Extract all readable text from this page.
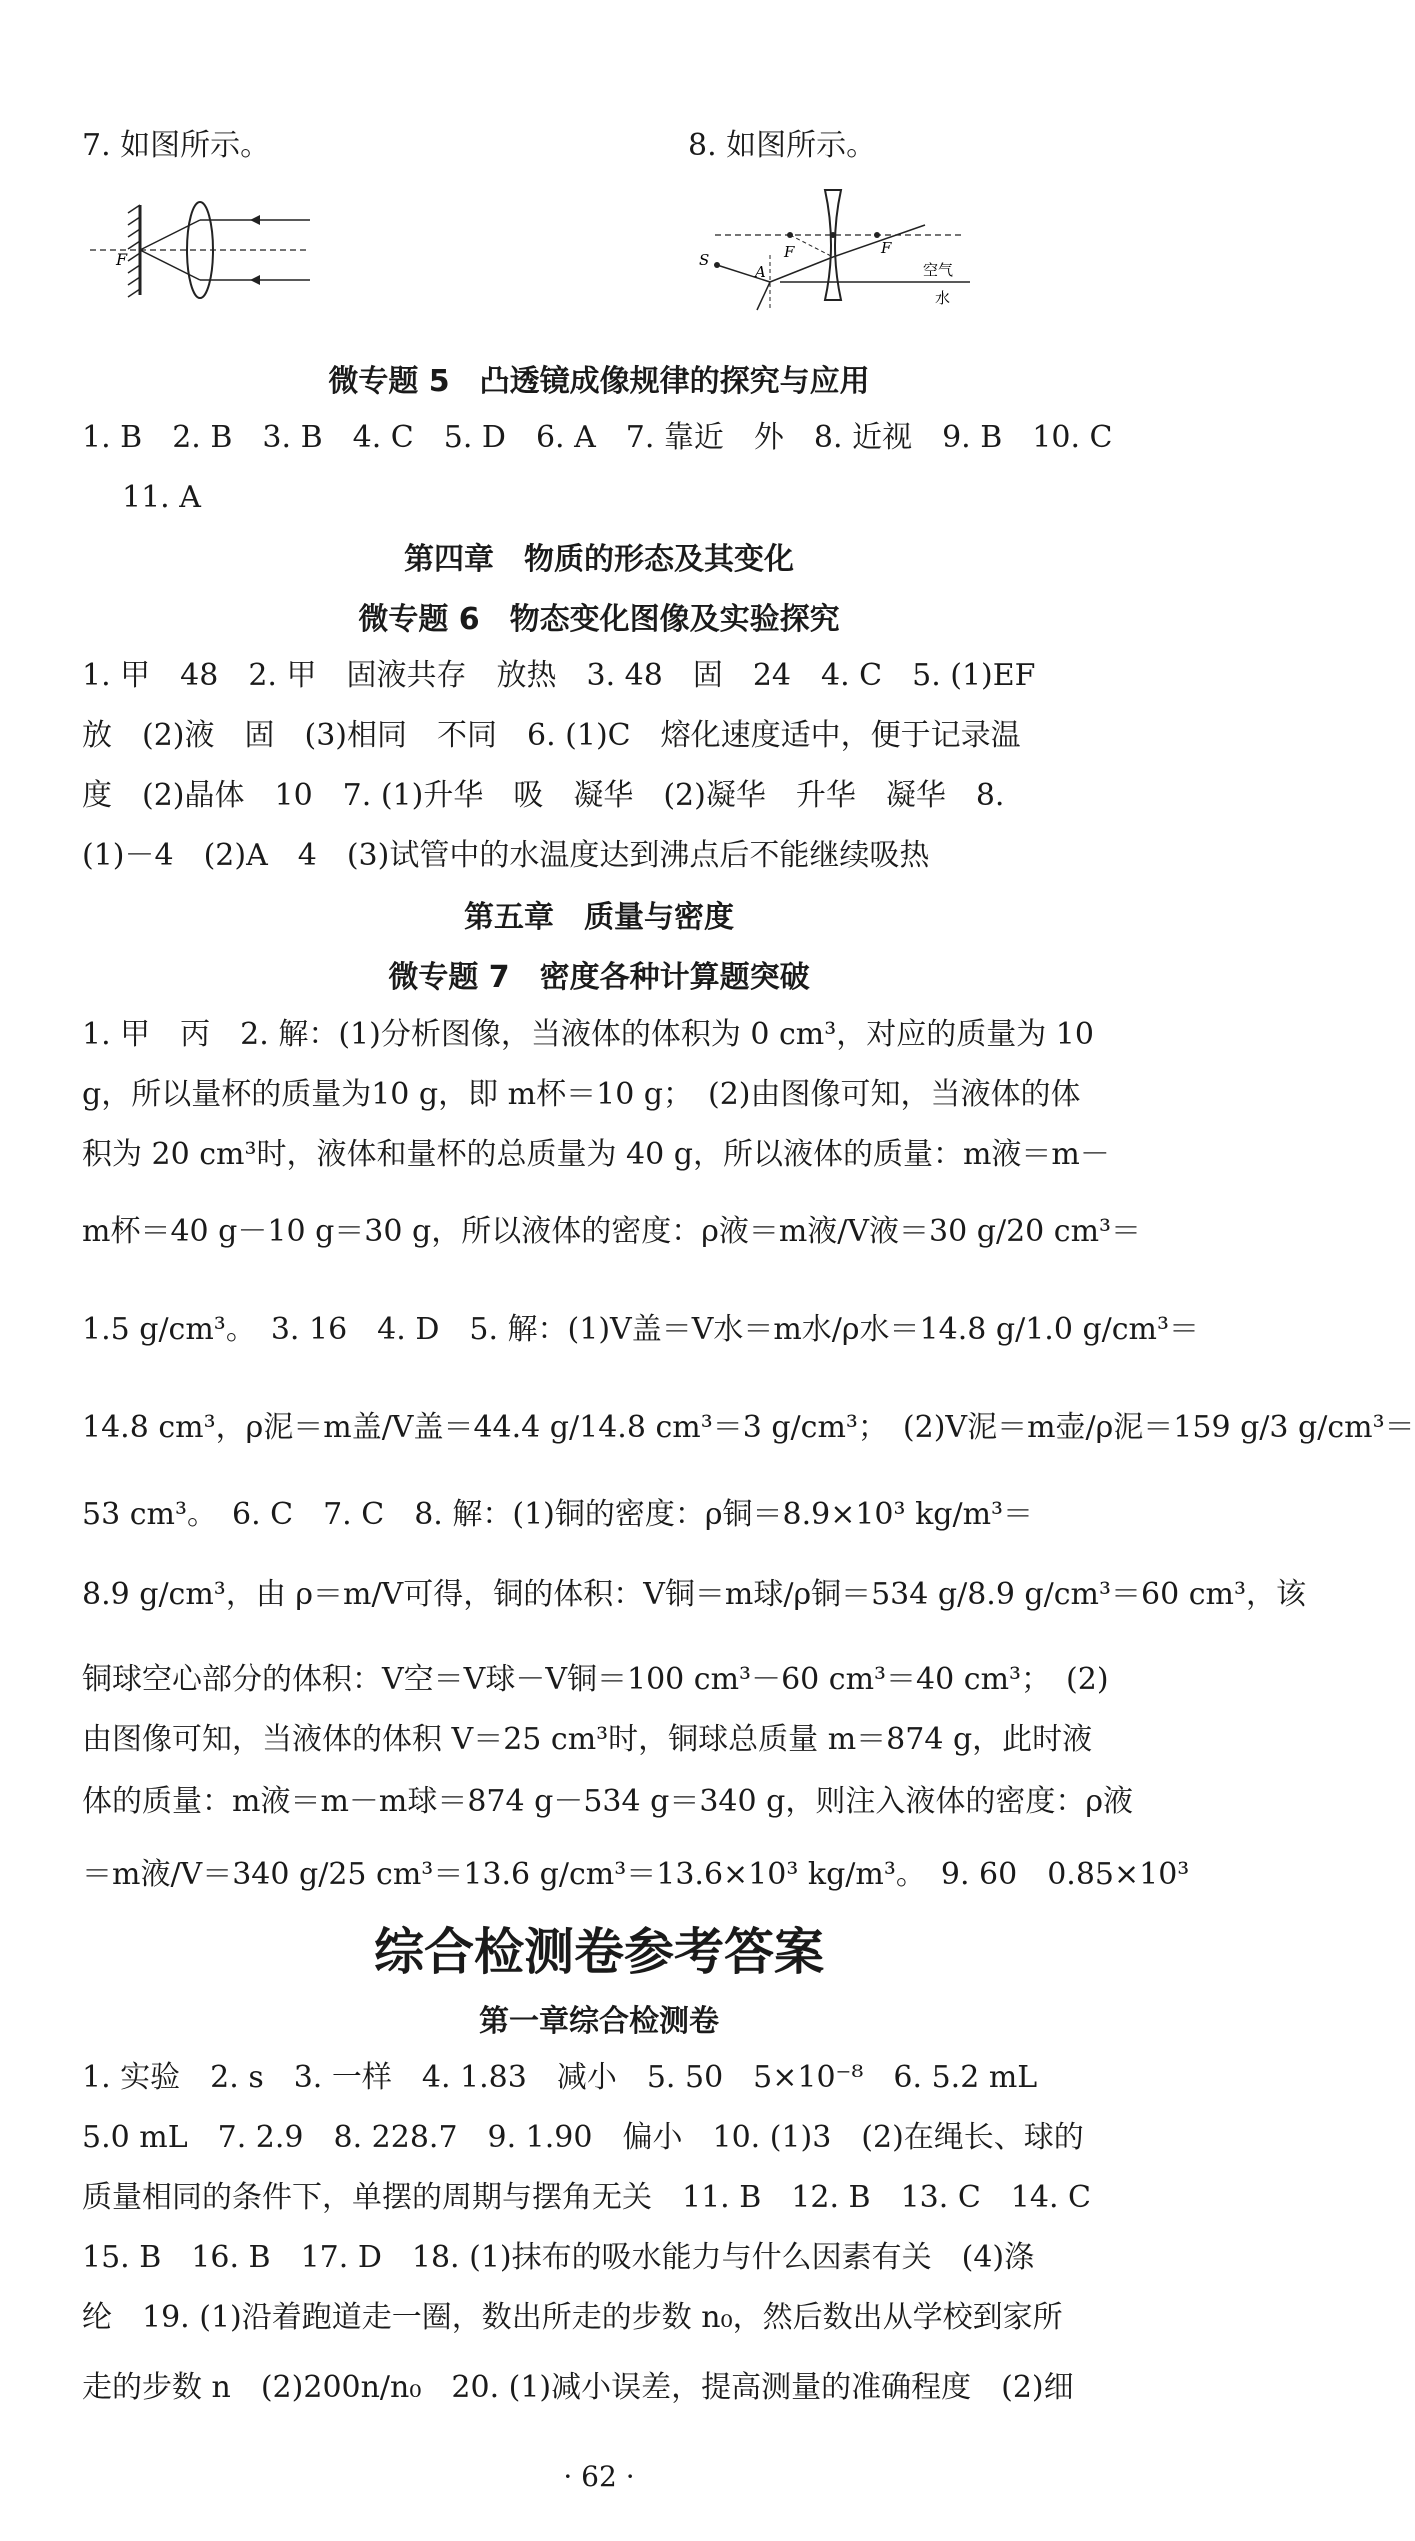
7. 如图所示。	8. 如图所示。
F	S
A
F	F
空气
水
微专题 5　凸透镜成像规律的探究与应用
1. B　2. B　3. B　4. C　5. D　6. A　7. 靠近　外　8. 近视　9. B　10. C
11. A
第四章　物质的形态及其变化
微专题 6　物态变化图像及实验探究
1. 甲　48　2. 甲　固液共存　放热　3. 48　固　24　4. C　5. (1)EF
放　(2)液　固　(3)相同　不同　6. (1)C　熔化速度适中，便于记录温
度　(2)晶体　10　7. (1)升华　吸　凝华　(2)凝华　升华　凝华　8.
(1)－4　(2)A　4　(3)试管中的水温度达到沸点后不能继续吸热
第五章　质量与密度
微专题 7　密度各种计算题突破
1. 甲　丙　2. 解：(1)分析图像，当液体的体积为 0 cm³，对应的质量为 10
g，所以量杯的质量为10 g，即 m杯＝10 g；　(2)由图像可知，当液体的体
积为 20 cm³时，液体和量杯的总质量为 40 g，所以液体的质量：m液＝m－
m杯＝40 g－10 g＝30 g，所以液体的密度：ρ液＝m液/V液＝30 g/20 cm³＝
1.5 g/cm³。　3. 16　4. D　5. 解：(1)V盖＝V水＝m水/ρ水＝14.8 g/1.0 g/cm³＝
14.8 cm³，ρ泥＝m盖/V盖＝44.4 g/14.8 cm³＝3 g/cm³；　(2)V泥＝m壶/ρ泥＝159 g/3 g/cm³＝
53 cm³。　6. C　7. C　8. 解：(1)铜的密度：ρ铜＝8.9×10³ kg/m³＝
8.9 g/cm³，由 ρ＝m/V可得，铜的体积：V铜＝m球/ρ铜＝534 g/8.9 g/cm³＝60 cm³，该
铜球空心部分的体积：V空＝V球－V铜＝100 cm³－60 cm³＝40 cm³；　(2)
由图像可知，当液体的体积 V＝25 cm³时，铜球总质量 m＝874 g，此时液
体的质量：m液＝m－m球＝874 g－534 g＝340 g，则注入液体的密度：ρ液
＝m液/V＝340 g/25 cm³＝13.6 g/cm³＝13.6×10³ kg/m³。　9. 60　0.85×10³
综合检测卷参考答案
第一章综合检测卷
1. 实验　2. s　3. 一样　4. 1.83　减小　5. 50　5×10⁻⁸　6. 5.2 mL
5.0 mL　7. 2.9　8. 228.7　9. 1.90　偏小　10. (1)3　(2)在绳长、球的
质量相同的条件下，单摆的周期与摆角无关　11. B　12. B　13. C　14. C
15. B　16. B　17. D　18. (1)抹布的吸水能力与什么因素有关　(4)涤
纶　19. (1)沿着跑道走一圈，数出所走的步数 n₀，然后数出从学校到家所
走的步数 n　(2)200n/n₀　20. (1)减小误差，提高测量的准确程度　(2)细
· 62 ·
